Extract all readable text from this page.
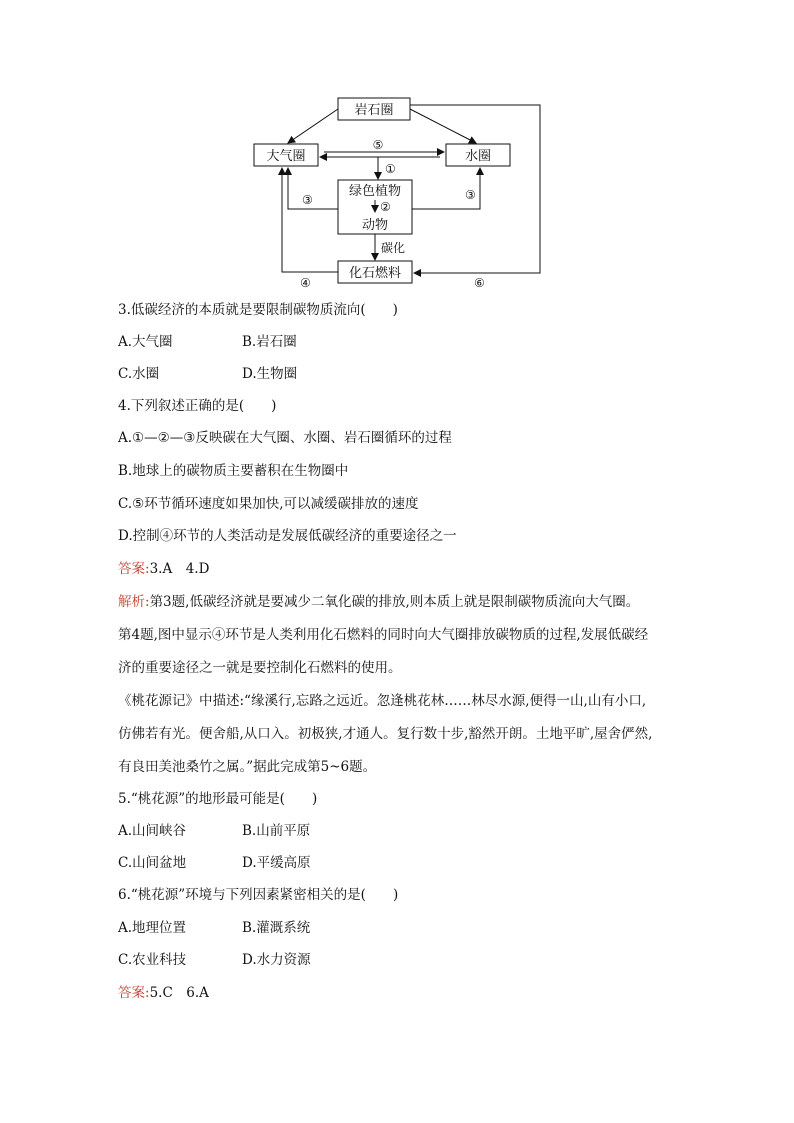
岩石圈
大气圈	水圈
绿色植物
动物
化石燃料
⑤
①
②
③	③
碳化
④	⑥
3.低碳经济的本质就是要限制碳物质流向(　　)
A.大气圈	B.岩石圈
C.水圈	D.生物圈
4.下列叙述正确的是(　　)
A.①—②—③反映碳在大气圈、水圈、岩石圈循环的过程
B.地球上的碳物质主要蓄积在生物圈中
C.⑤环节循环速度如果加快,可以减缓碳排放的速度
D.控制④环节的人类活动是发展低碳经济的重要途径之一
答案:3.A　4.D
解析:第3题,低碳经济就是要减少二氧化碳的排放,则本质上就是限制碳物质流向大气圈。
第4题,图中显示④环节是人类利用化石燃料的同时向大气圈排放碳物质的过程,发展低碳经
济的重要途径之一就是要控制化石燃料的使用。
《桃花源记》中描述:“缘溪行,忘路之远近。忽逢桃花林……林尽水源,便得一山,山有小口,
仿佛若有光。便舍船,从口入。初极狭,才通人。复行数十步,豁然开朗。土地平旷,屋舍俨然,
有良田美池桑竹之属。”据此完成第5~6题。
5.“桃花源”的地形最可能是(　　)
A.山间峡谷	B.山前平原
C.山间盆地	D.平缓高原
6.“桃花源”环境与下列因素紧密相关的是(　　)
A.地理位置	B.灌溉系统
C.农业科技	D.水力资源
答案:5.C　6.A
